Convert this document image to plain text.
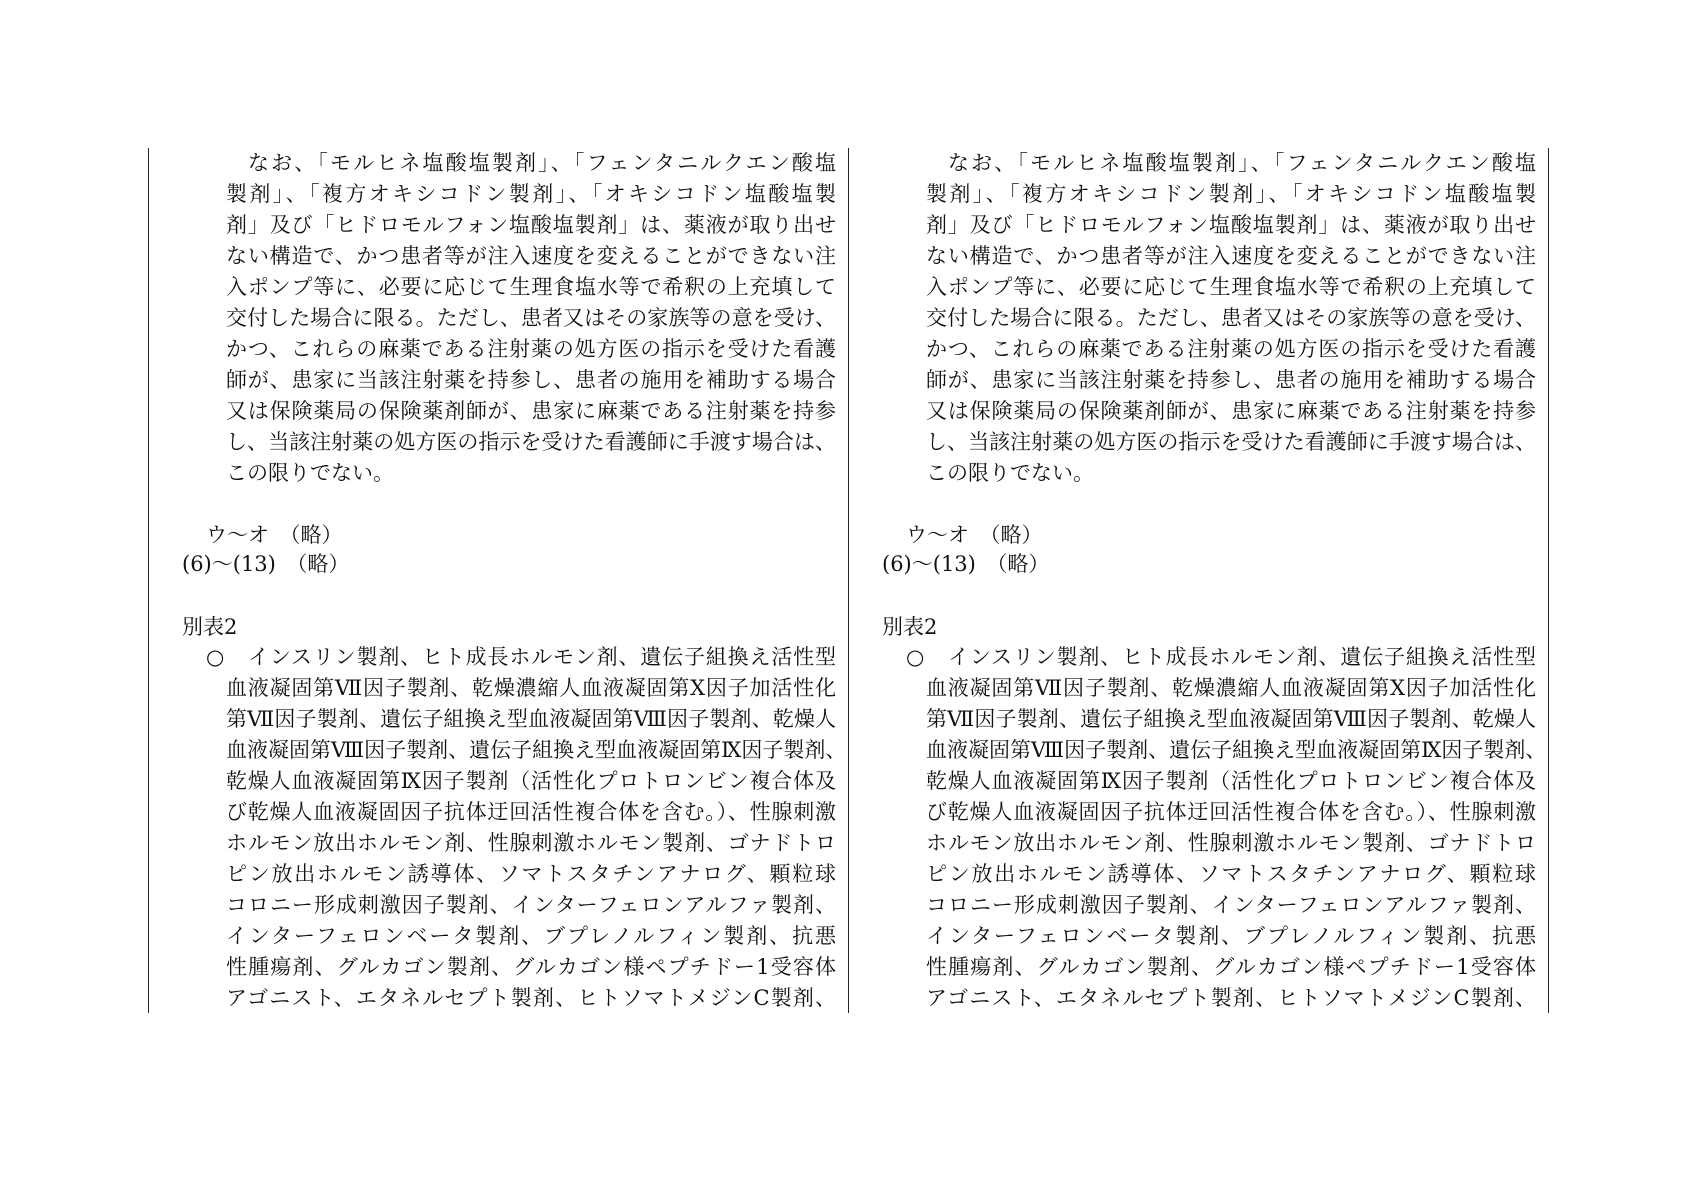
なお、「モルヒネ塩酸塩製剤」、「フェンタニルクエン酸塩
製剤」、「複方オキシコドン製剤」、「オキシコドン塩酸塩製
剤」及び「ヒドロモルフォン塩酸塩製剤」は、薬液が取り出せ
ない構造で、かつ患者等が注入速度を変えることができない注
入ポンプ等に、必要に応じて生理食塩水等で希釈の上充填して
交付した場合に限る。ただし、患者又はその家族等の意を受け、
かつ、これらの麻薬である注射薬の処方医の指示を受けた看護
師が、患家に当該注射薬を持参し、患者の施用を補助する場合
又は保険薬局の保険薬剤師が、患家に麻薬である注射薬を持参
し、当該注射薬の処方医の指示を受けた看護師に手渡す場合は、
この限りでない。
ウ〜オ　（略）
(6)〜(13)　（略）
別表2
○ インスリン製剤、ヒト成長ホルモン剤、遺伝子組換え活性型
血液凝固第Ⅶ因子製剤、乾燥濃縮人血液凝固第Ⅹ因子加活性化
第Ⅶ因子製剤、遺伝子組換え型血液凝固第Ⅷ因子製剤、乾燥人
血液凝固第Ⅷ因子製剤、遺伝子組換え型血液凝固第Ⅸ因子製剤、
乾燥人血液凝固第Ⅸ因子製剤（活性化プロトロンビン複合体及
び乾燥人血液凝固因子抗体迂回活性複合体を含む。）、性腺刺激
ホルモン放出ホルモン剤、性腺刺激ホルモン製剤、ゴナドトロ
ピン放出ホルモン誘導体、ソマトスタチンアナログ、顆粒球
コロニー形成刺激因子製剤、インターフェロンアルファ製剤、
インターフェロンベータ製剤、ブプレノルフィン製剤、抗悪
性腫瘍剤、グルカゴン製剤、グルカゴン様ペプチドー1受容体
アゴニスト、エタネルセプト製剤、ヒトソマトメジンC製剤、
なお、「モルヒネ塩酸塩製剤」、「フェンタニルクエン酸塩
製剤」、「複方オキシコドン製剤」、「オキシコドン塩酸塩製
剤」及び「ヒドロモルフォン塩酸塩製剤」は、薬液が取り出せ
ない構造で、かつ患者等が注入速度を変えることができない注
入ポンプ等に、必要に応じて生理食塩水等で希釈の上充填して
交付した場合に限る。ただし、患者又はその家族等の意を受け、
かつ、これらの麻薬である注射薬の処方医の指示を受けた看護
師が、患家に当該注射薬を持参し、患者の施用を補助する場合
又は保険薬局の保険薬剤師が、患家に麻薬である注射薬を持参
し、当該注射薬の処方医の指示を受けた看護師に手渡す場合は、
この限りでない。
ウ〜オ　（略）
(6)〜(13)　（略）
別表2
○ インスリン製剤、ヒト成長ホルモン剤、遺伝子組換え活性型
血液凝固第Ⅶ因子製剤、乾燥濃縮人血液凝固第Ⅹ因子加活性化
第Ⅶ因子製剤、遺伝子組換え型血液凝固第Ⅷ因子製剤、乾燥人
血液凝固第Ⅷ因子製剤、遺伝子組換え型血液凝固第Ⅸ因子製剤、
乾燥人血液凝固第Ⅸ因子製剤（活性化プロトロンビン複合体及
び乾燥人血液凝固因子抗体迂回活性複合体を含む。）、性腺刺激
ホルモン放出ホルモン剤、性腺刺激ホルモン製剤、ゴナドトロ
ピン放出ホルモン誘導体、ソマトスタチンアナログ、顆粒球
コロニー形成刺激因子製剤、インターフェロンアルファ製剤、
インターフェロンベータ製剤、ブプレノルフィン製剤、抗悪
性腫瘍剤、グルカゴン製剤、グルカゴン様ペプチドー1受容体
アゴニスト、エタネルセプト製剤、ヒトソマトメジンC製剤、
